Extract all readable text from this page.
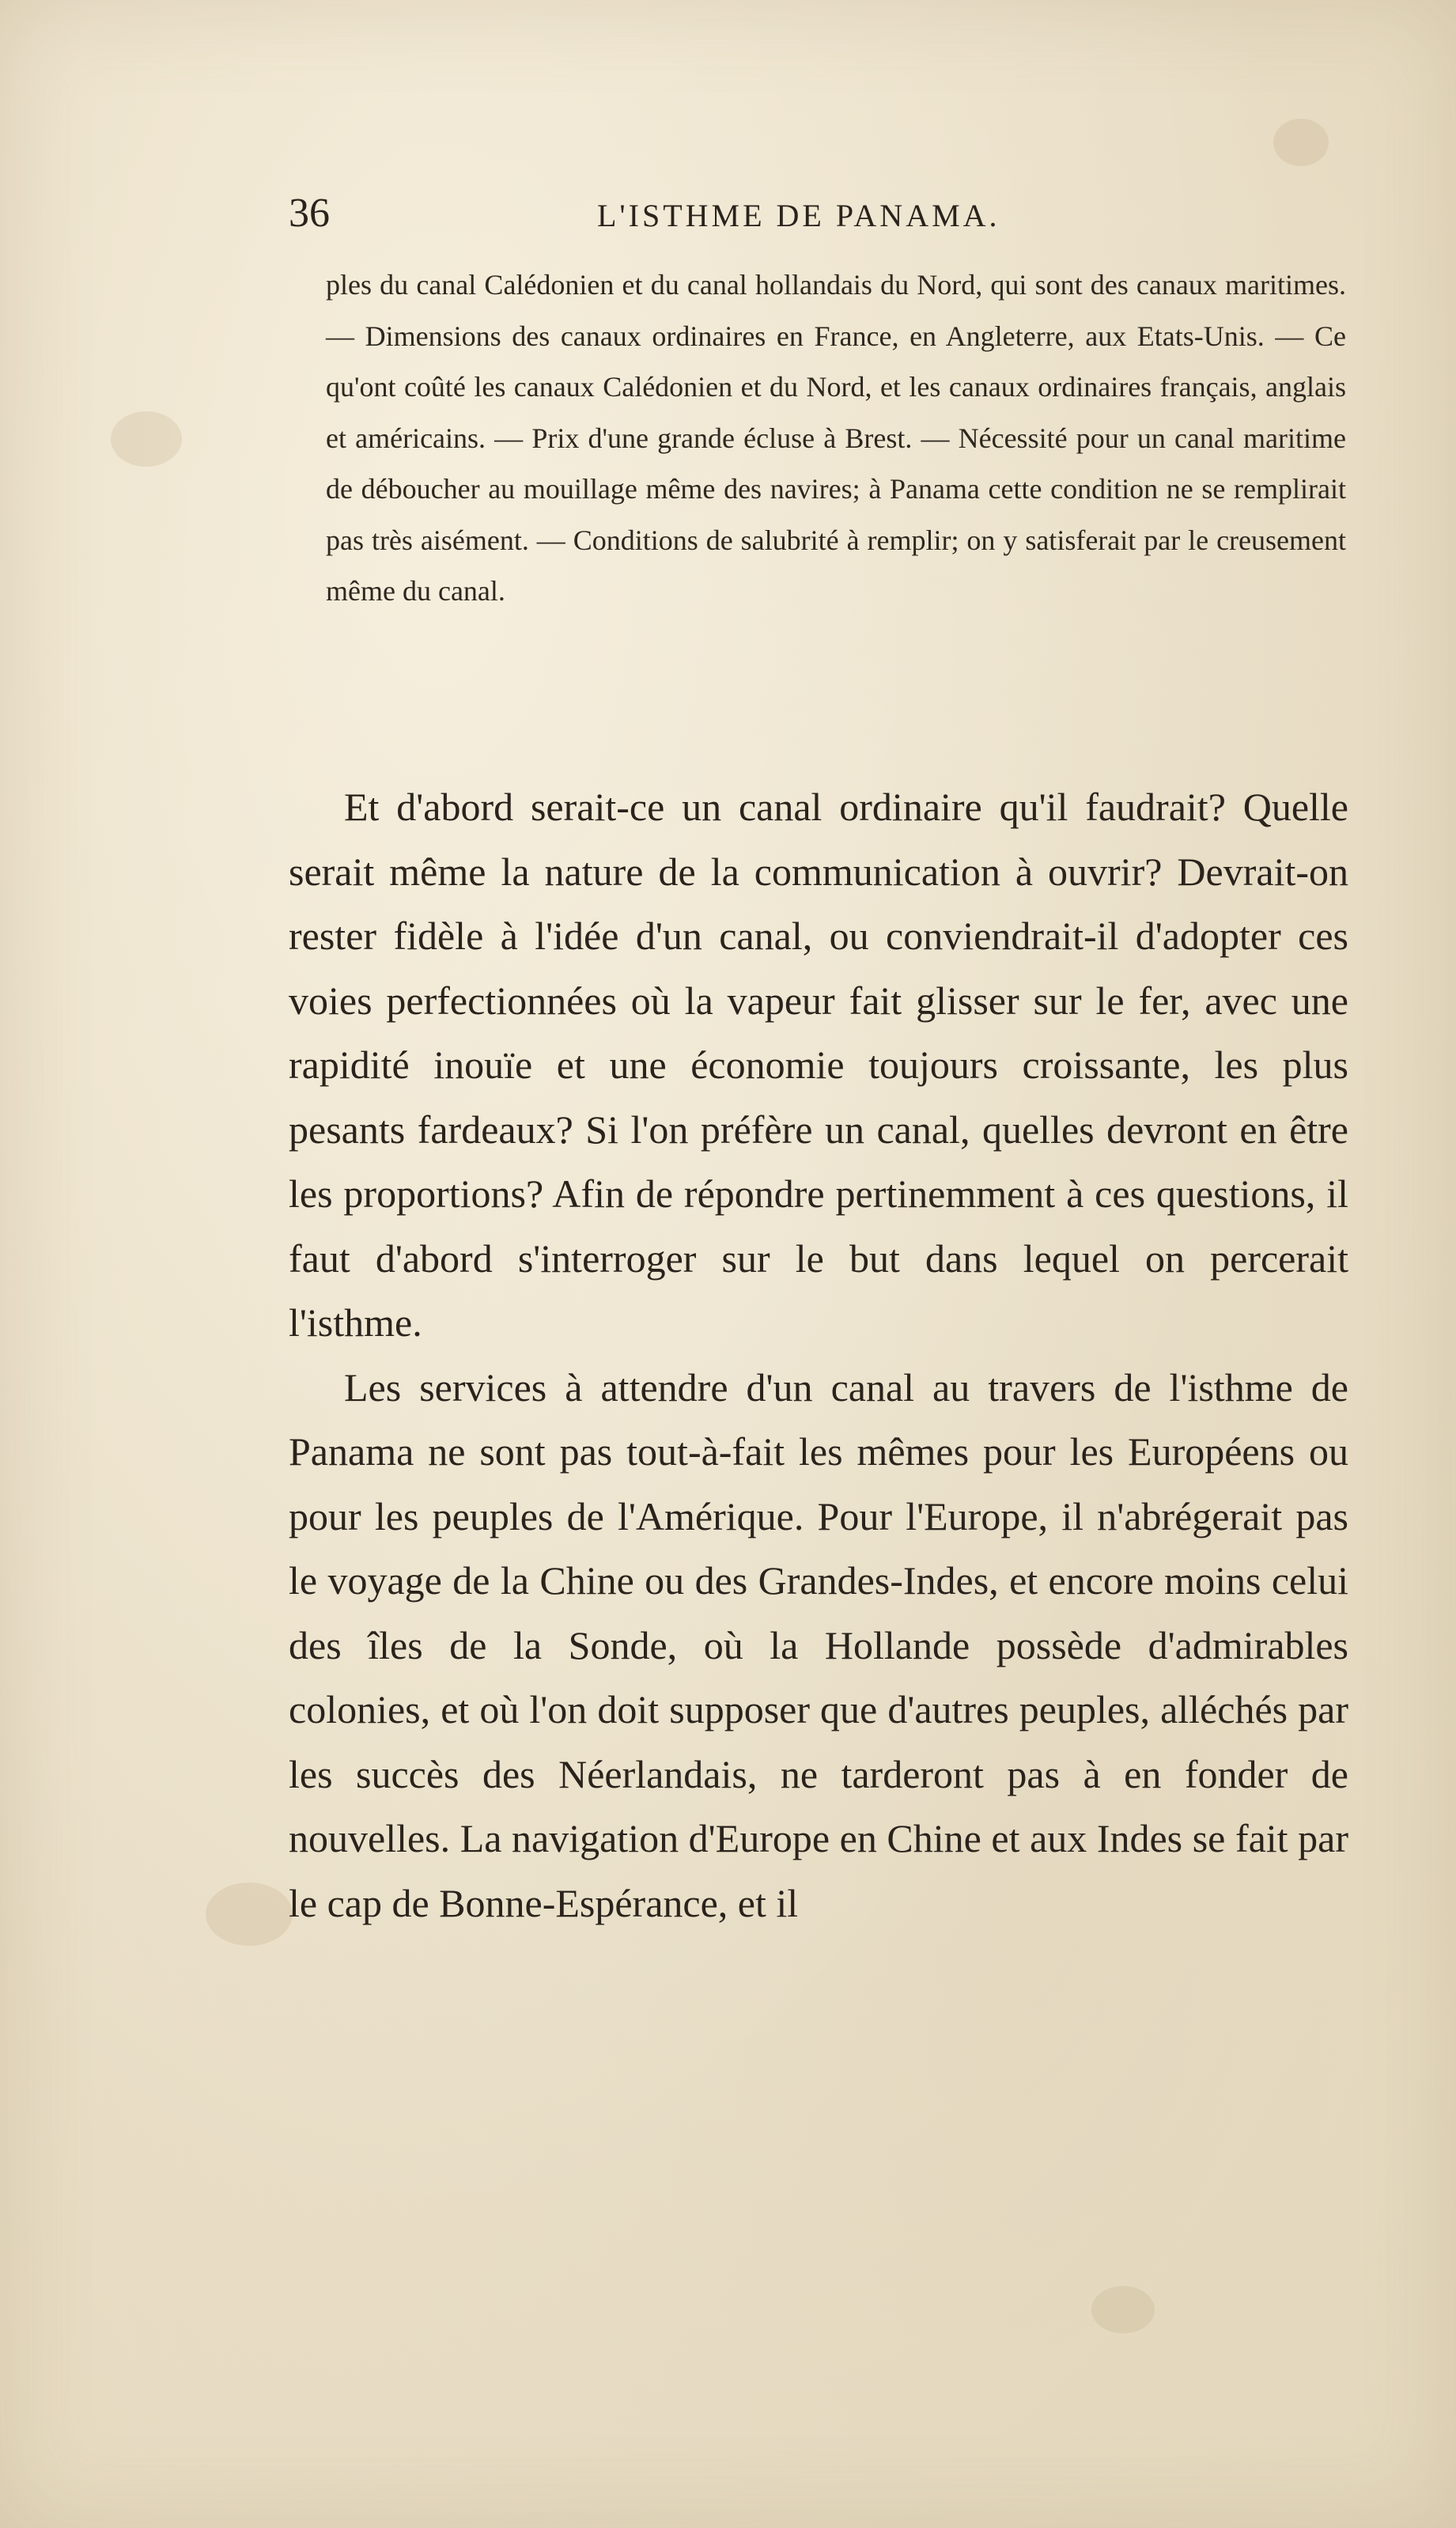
36	L'ISTHME DE PANAMA.

ples du canal Calédonien et du canal hollandais du Nord, qui sont des canaux maritimes. — Dimensions des canaux ordinaires en France, en Angleterre, aux Etats-Unis. — Ce qu'ont coûté les canaux Calédonien et du Nord, et les canaux ordinaires français, anglais et américains. — Prix d'une grande écluse à Brest. — Nécessité pour un canal maritime de déboucher au mouillage même des navires; à Panama cette condition ne se remplirait pas très aisément. — Conditions de salubrité à remplir; on y satisferait par le creusement même du canal.

Et d'abord serait-ce un canal ordinaire qu'il faudrait? Quelle serait même la nature de la communication à ouvrir? Devrait-on rester fidèle à l'idée d'un canal, ou conviendrait-il d'adopter ces voies perfectionnées où la vapeur fait glisser sur le fer, avec une rapidité inouïe et une économie toujours croissante, les plus pesants fardeaux? Si l'on préfère un canal, quelles devront en être les proportions? Afin de répondre pertinemment à ces questions, il faut d'abord s'interroger sur le but dans lequel on percerait l'isthme.

Les services à attendre d'un canal au travers de l'isthme de Panama ne sont pas tout-à-fait les mêmes pour les Européens ou pour les peuples de l'Amérique. Pour l'Europe, il n'abrégerait pas le voyage de la Chine ou des Grandes-Indes, et encore moins celui des îles de la Sonde, où la Hollande possède d'admirables colonies, et où l'on doit supposer que d'autres peuples, alléchés par les succès des Néerlandais, ne tarderont pas à en fonder de nouvelles. La navigation d'Europe en Chine et aux Indes se fait par le cap de Bonne-Espérance, et il
